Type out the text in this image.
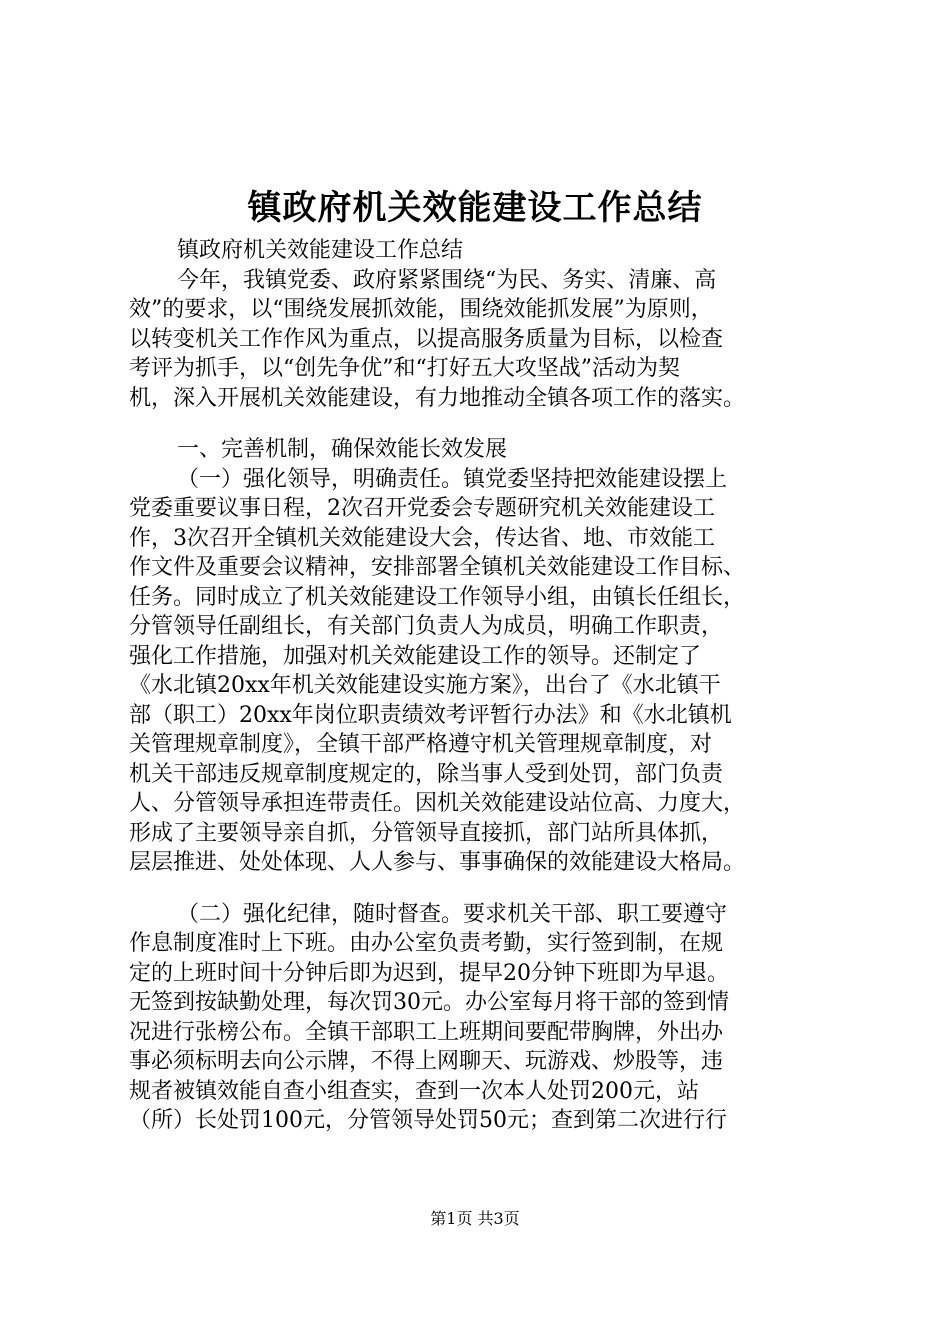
镇政府机关效能建设工作总结
镇政府机关效能建设工作总结
今年，我镇党委、政府紧紧围绕“为民、务实、清廉、高
效”的要求，以“围绕发展抓效能，围绕效能抓发展”为原则，
以转变机关工作作风为重点，以提高服务质量为目标，以检查
考评为抓手，以“创先争优”和“打好五大攻坚战”活动为契
机，深入开展机关效能建设，有力地推动全镇各项工作的落实。
一、完善机制，确保效能长效发展
（一）强化领导，明确责任。镇党委坚持把效能建设摆上
党委重要议事日程，2次召开党委会专题研究机关效能建设工
作，3次召开全镇机关效能建设大会，传达省、地、市效能工
作文件及重要会议精神，安排部署全镇机关效能建设工作目标、
任务。同时成立了机关效能建设工作领导小组，由镇长任组长，
分管领导任副组长，有关部门负责人为成员，明确工作职责，
强化工作措施，加强对机关效能建设工作的领导。还制定了
《水北镇20xx年机关效能建设实施方案》，出台了《水北镇干
部（职工）20xx年岗位职责绩效考评暂行办法》和《水北镇机
关管理规章制度》，全镇干部严格遵守机关管理规章制度，对
机关干部违反规章制度规定的，除当事人受到处罚，部门负责
人、分管领导承担连带责任。因机关效能建设站位高、力度大，
形成了主要领导亲自抓，分管领导直接抓，部门站所具体抓，
层层推进、处处体现、人人参与、事事确保的效能建设大格局。
（二）强化纪律，随时督查。要求机关干部、职工要遵守
作息制度准时上下班。由办公室负责考勤，实行签到制，在规
定的上班时间十分钟后即为迟到，提早20分钟下班即为早退。
无签到按缺勤处理，每次罚30元。办公室每月将干部的签到情
况进行张榜公布。全镇干部职工上班期间要配带胸牌，外出办
事必须标明去向公示牌，不得上网聊天、玩游戏、炒股等，违
规者被镇效能自查小组查实，查到一次本人处罚200元，站
（所）长处罚100元，分管领导处罚50元；查到第二次进行行
第1页 共3页
